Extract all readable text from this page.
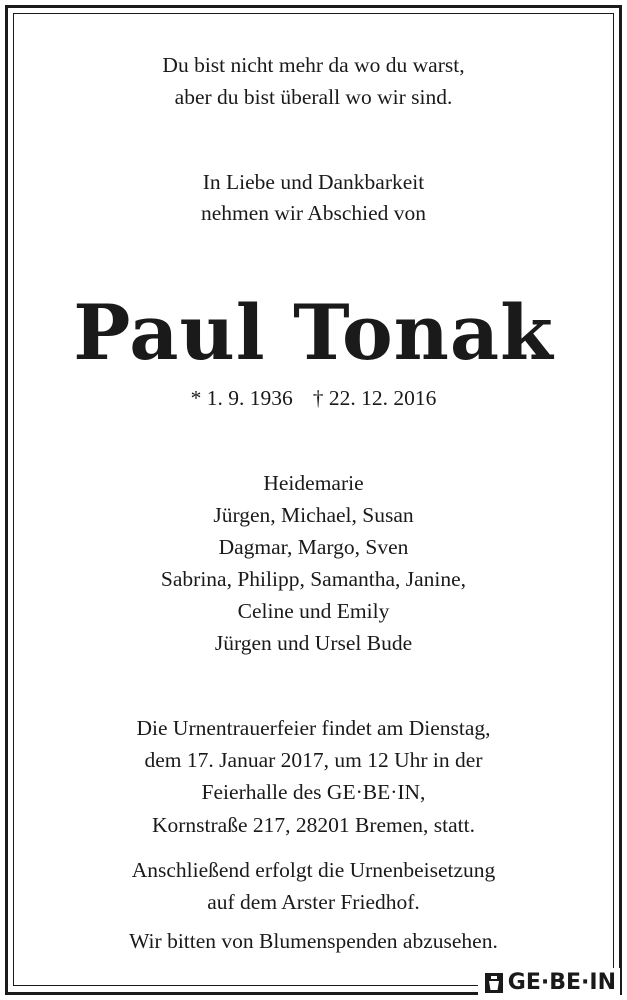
Du bist nicht mehr da wo du warst,
aber du bist überall wo wir sind.
In Liebe und Dankbarkeit
nehmen wir Abschied von
Paul Tonak
* 1. 9. 1936 † 22. 12. 2016
Heidemarie
Jürgen, Michael, Susan
Dagmar, Margo, Sven
Sabrina, Philipp, Samantha, Janine,
Celine und Emily
Jürgen und Ursel Bude
Die Urnentrauerfeier findet am Dienstag,
dem 17. Januar 2017, um 12 Uhr in der
Feierhalle des GE·BE·IN,
Kornstraße 217, 28201 Bremen, statt.
Anschließend erfolgt die Urnenbeisetzung
auf dem Arster Friedhof.
Wir bitten von Blumenspenden abzusehen.
GE·BE·IN
